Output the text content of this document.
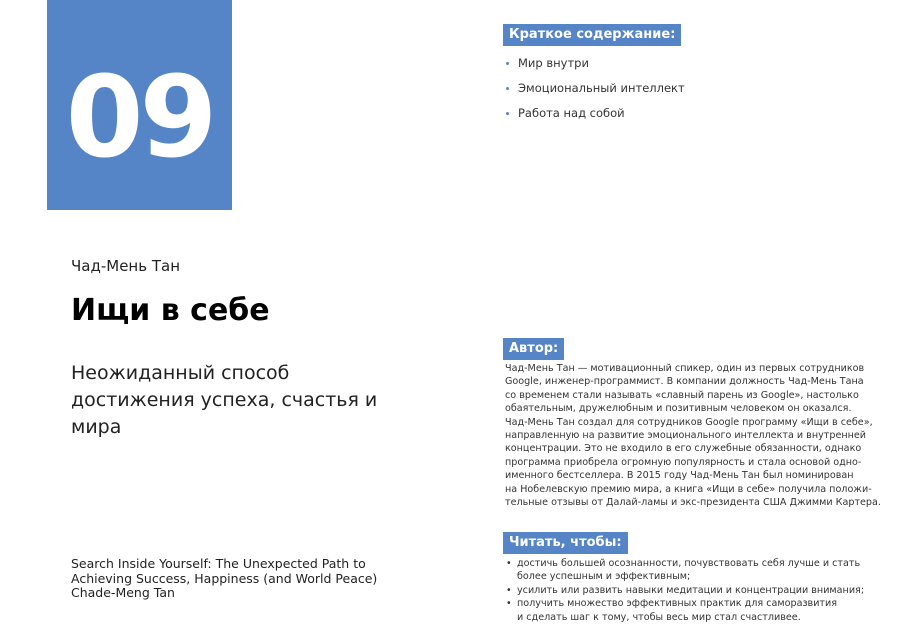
09
Чад-Мень Тан
Ищи в себе
Неожиданный способ достижения успеха, счастья и мира
Search Inside Yourself: The Unexpected Path to
Achieving Success, Happiness (and World Peace)
Chade-Meng Tan
Краткое содержание:
Мир внутри
Эмоциональный интеллект
Работа над собой
Автор:
Чад-Мень Тан — мотивационный спикер, один из первых сотрудников
Google, инженер-программист. В компании должность Чад-Мень Тана
со временем стали называть «славный парень из Google», настолько
обаятельным, дружелюбным и позитивным человеком он оказался.
Чад-Мень Тан создал для сотрудников Google программу «Ищи в себе»,
направленную на развитие эмоционального интеллекта и внутренней
концентрации. Это не входило в его служебные обязанности, однако
программа приобрела огромную популярность и стала основой одно-
именного бестселлера. В 2015 году Чад-Мень Тан был номинирован
на Нобелевскую премию мира, а книга «Ищи в себе» получила положи-
тельные отзывы от Далай-ламы и экс-президента США Джимми Картера.
Читать, чтобы:
• достичь большей осознанности, почувствовать себя лучше и стать
более успешным и эффективным;
• усилить или развить навыки медитации и концентрации внимания;
• получить множество эффективных практик для саморазвития
и сделать шаг к тому, чтобы весь мир стал счастливее.
